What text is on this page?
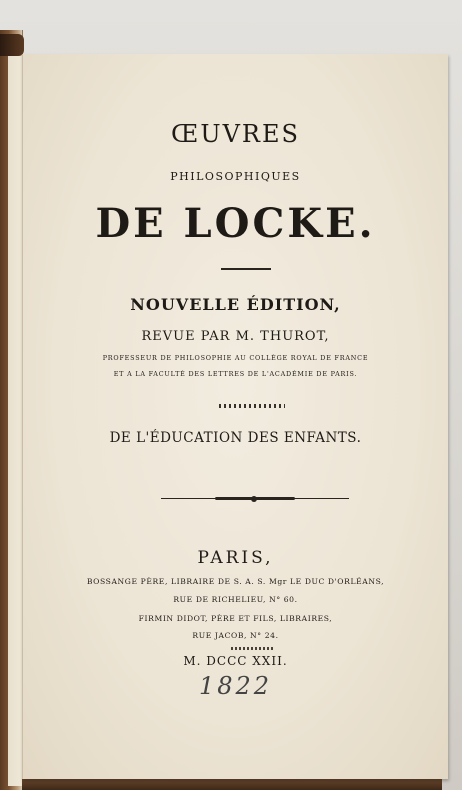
ŒUVRES
PHILOSOPHIQUES
DE LOCKE.
NOUVELLE ÉDITION,
REVUE PAR M. THUROT,
PROFESSEUR DE PHILOSOPHIE AU COLLÈGE ROYAL DE FRANCE
ET A LA FACULTÉ DES LETTRES DE L'ACADÉMIE DE PARIS.
DE L'ÉDUCATION DES ENFANTS.
PARIS,
BOSSANGE PÈRE, LIBRAIRE DE S. A. S. Mgr LE DUC D'ORLÉANS,
RUE DE RICHELIEU, N° 60.
FIRMIN DIDOT, PÈRE ET FILS, LIBRAIRES,
RUE JACOB, N° 24.
M. DCCC XXII.
1822
